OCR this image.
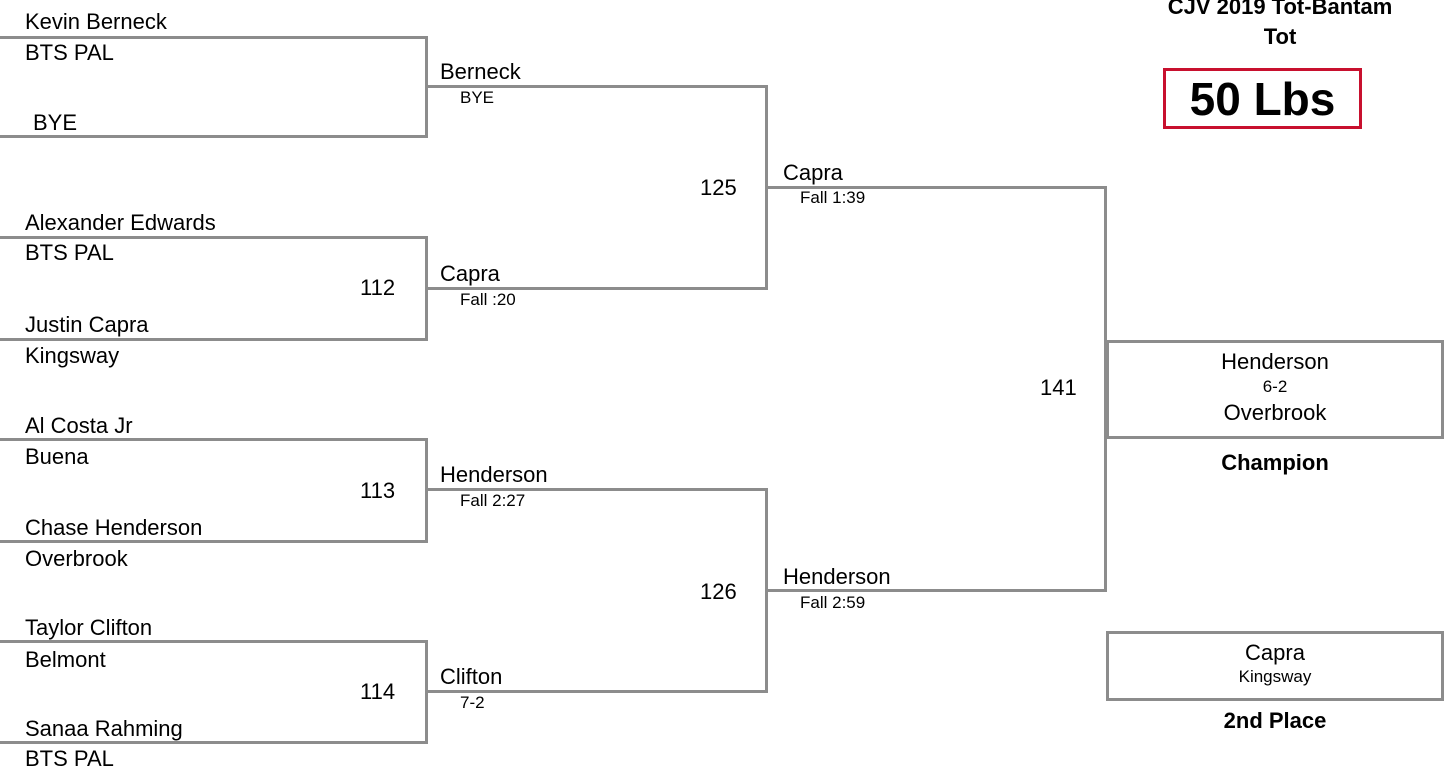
CJV 2019 Tot-Bantam
Tot
50 Lbs
Kevin Berneck
BTS PAL
BYE
Alexander Edwards
BTS PAL
112
Justin Capra
Kingsway
Al Costa Jr
Buena
113
Chase Henderson
Overbrook
Taylor Clifton
Belmont
114
Sanaa Rahming
BTS PAL
Berneck
BYE
Capra
Fall :20
125
Henderson
Fall 2:27
Clifton
7-2
126
Capra
Fall 1:39
Henderson
Fall 2:59
141
Henderson
6-2
Overbrook
Champion
Capra
Kingsway
2nd Place
